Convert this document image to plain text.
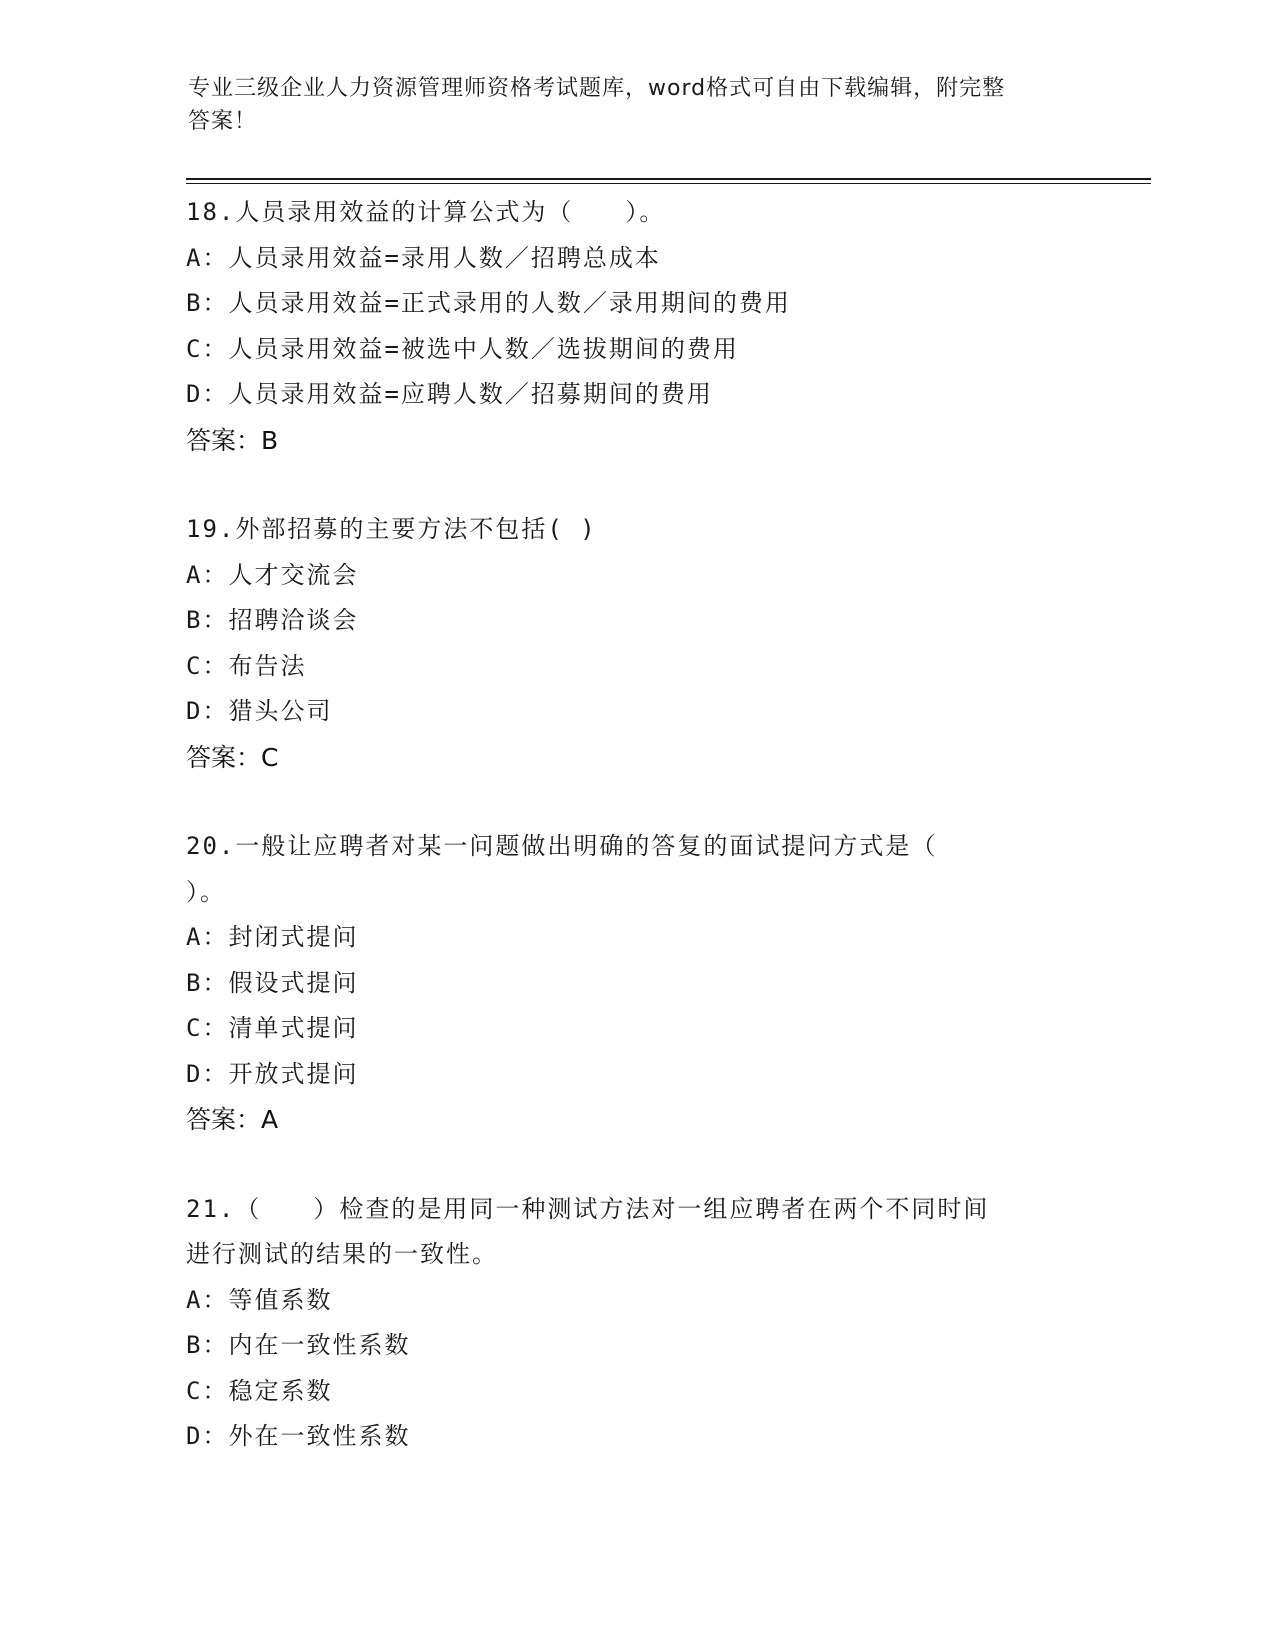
专业三级企业人力资源管理师资格考试题库，word格式可自由下载编辑，附完整
答案！
18.人员录用效益的计算公式为（　　）。
A：人员录用效益=录用人数／招聘总成本
B：人员录用效益=正式录用的人数／录用期间的费用
C：人员录用效益=被选中人数／选拔期间的费用
D：人员录用效益=应聘人数／招募期间的费用
答案：B
19.外部招募的主要方法不包括( )
A：人才交流会
B：招聘洽谈会
C：布告法
D：猎头公司
答案：C
20.一般让应聘者对某一问题做出明确的答复的面试提问方式是（
）。
A：封闭式提问
B：假设式提问
C：清单式提问
D：开放式提问
答案：A
21.（　　）检查的是用同一种测试方法对一组应聘者在两个不同时间
进行测试的结果的一致性。
A：等值系数
B：内在一致性系数
C：稳定系数
D：外在一致性系数
